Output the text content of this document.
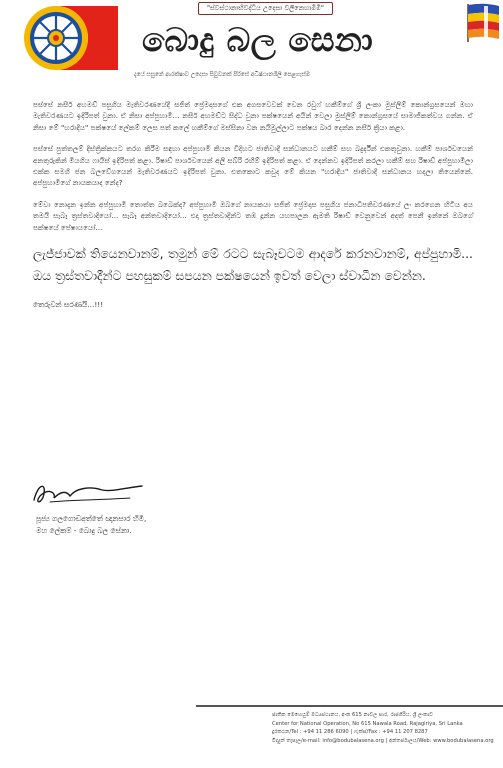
"ස්වස්ථානාභිවද්ධිය උදෙසා වලිනෙහාමිමි"
බොදු බල සෙනා
දැයේ සසුනේ ආරක්ෂාව උදෙසා සිවුවනක් පිරිසේ අධිෂ්ඨානශීලී පෙළගැස්ම

පස්සේ නසීර් අහමඩ් පසුගිය මැතිවරණයේදී සජිත් ප්‍රේමදාසගේ එක අගසවෙවක් වෙන රවුෆ් හකීම්ගේ ශ්‍රී ලංකා මුස්ලිම් කොන්ග්‍රසයෙන් මහා මැතිවරණයට ඉදිරිපත් වුනා. ඒ නිසා අප්පුහාමි... නසීර් අහමඩ්ට සිද්ධ වුනා පක්ෂයෙන් අයින් වෙලා මුස්ලිම් කොන්ග්‍රසයේ සාමාජිකත්වය ගන්න. ඒ නිසා මේ "හරාදීය" පක්ෂයේ ලේකම් ලෙස පත් කලේ හකීම්ගේ මස්සිනා වන නයිමුල්ලාට පක්ෂය බාර දෙන්න නසීර් ක්‍රියා කළා.

පස්සේ පුත්තලම් දිස්ත්‍රික්කයට තරග කිරීම සඳහා අප්පුහාමි කියන විදිහට ජාතිවාදී සන්ධානයට හකීම් සහ බදුර්දීන් එකතුවුනා. හකීම් පාර්ශවයෙන් අනතුරුකින් මියගිය ෆායිස් ඉදිරිපත් කළා. රිෂාඩ් පාර්ශවයෙන් අලි සබ්රි රහීම් ඉදිරිපත් කළා. ඒ දෙන්නව ඉදිරිපත් කරලා හකීම් සහ රිෂාඩ් අප්පුහාමිලා එක්ක සමගි ජන බලවේගයෙන් මැතිවරණයට ඉදිරිපත් වුනා. එතකොට කවුද මේ කියන "හරාදීය" ජාතිවාදී සන්ධානය හදලා තියෙන්නේ. අප්පුහාමිගේ නායකයාද නේද?

මේවා නොදැන ඉන්න අප්පුහාමි තොත්ත බබෙක්ද? අප්පුහාමි ඔබගේ නායකයා සජිත් ප්‍රේමදාස පසුගිය ජනාධිපතිවරණයේ ලං කරගෙන හිටිය අය තමයි සැබෑ ත්‍රස්තවාදියෝ... සැබෑ අන්තවාදියෝ... එදා ත්‍රස්තවාදීන්ට තඹ දූන්න යහපාලන ඇමති රිෂාඩ් වෙනුවෙන් අදත් පෙනී ඉන්නේ ඔබගේ පක්ෂයේ පේෂායයෝ...

ලැජ්ජාවක් තියෙනවානම්, තමුන් මේ රටට සැබෑවටම ආදරේ කරනවානම්, අප්පුහාමි... ඔය ත්‍රස්තවාදීන්ට පහසුකම් සපයන පක්ෂයෙන් ඉවත් වෙලා ස්වාධීන වෙන්න.

තෙරුවන් සරණයි...!!!

පූජ්‍ය ගලගොඩඅත්තේ ඥානසාර හිමි,
මහ ලේකම් - බොදු බල සේනා.
ජාතික මෙහෙයුම් මධ්‍යස්ථානය, අංක 615 නාවල පාර, රාජගිරිය, ශ්‍රී ලංකාව
Center for National Operation, No 615 Nawala Road, Rajagiriya, Sri Lanka
දුරකථන/Tel : +94 11 286 6090 | ෆැක්ස්/Fax : +94 11 207 8287
විද්‍යුත් තැපෑල/e-mail: info@bodubalasena.org | අන්තර්ජාලය/Web: www.bodubalasena.org
